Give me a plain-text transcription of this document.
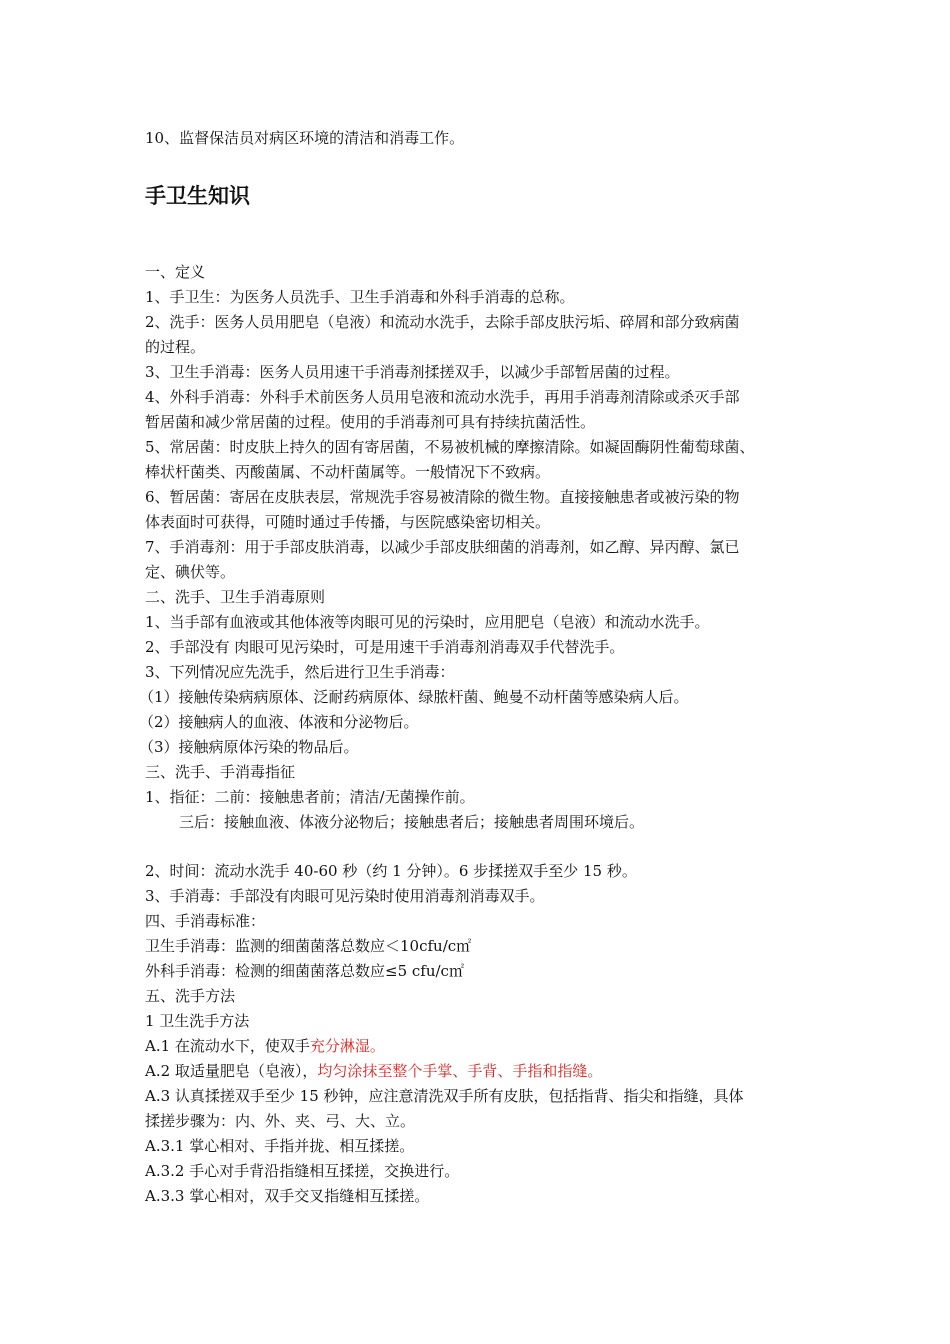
10、监督保洁员对病区环境的清洁和消毒工作。
手卫生知识
一、定义
1、手卫生：为医务人员洗手、卫生手消毒和外科手消毒的总称。
2、洗手：医务人员用肥皂（皂液）和流动水洗手，去除手部皮肤污垢、碎屑和部分致病菌
的过程。
3、卫生手消毒：医务人员用速干手消毒剂揉搓双手，以减少手部暂居菌的过程。
4、外科手消毒：外科手术前医务人员用皂液和流动水洗手，再用手消毒剂清除或杀灭手部
暂居菌和减少常居菌的过程。使用的手消毒剂可具有持续抗菌活性。
5、常居菌：时皮肤上持久的固有寄居菌，不易被机械的摩擦清除。如凝固酶阴性葡萄球菌、
棒状杆菌类、丙酸菌属、不动杆菌属等。一般情况下不致病。
6、暂居菌：寄居在皮肤表层，常规洗手容易被清除的微生物。直接接触患者或被污染的物
体表面时可获得，可随时通过手传播，与医院感染密切相关。
7、手消毒剂：用于手部皮肤消毒，以减少手部皮肤细菌的消毒剂，如乙醇、异丙醇、氯已
定、碘伏等。
二、洗手、卫生手消毒原则
1、当手部有血液或其他体液等肉眼可见的污染时，应用肥皂（皂液）和流动水洗手。
2、手部没有 肉眼可见污染时，可是用速干手消毒剂消毒双手代替洗手。
3、下列情况应先洗手，然后进行卫生手消毒：
（1）接触传染病病原体、泛耐药病原体、绿脓杆菌、鲍曼不动杆菌等感染病人后。
（2）接触病人的血液、体液和分泌物后。
（3）接触病原体污染的物品后。
三、洗手、手消毒指征
1、指征：二前：接触患者前；清洁/无菌操作前。
三后：接触血液、体液分泌物后；接触患者后；接触患者周围环境后。
2、时间：流动水洗手 40-60 秒（约 1 分钟）。6 步揉搓双手至少 15 秒。
3、手消毒：手部没有肉眼可见污染时使用消毒剂消毒双手。
四、手消毒标准：
卫生手消毒：监测的细菌菌落总数应＜10cfu/c㎡
外科手消毒：检测的细菌菌落总数应≤5 cfu/c㎡
五、洗手方法
1 卫生洗手方法
A.1 在流动水下，使双手充分淋湿。
A.2 取适量肥皂（皂液），均匀涂抹至整个手掌、手背、手指和指缝。
A.3 认真揉搓双手至少 15 秒钟，应注意清洗双手所有皮肤，包括指背、指尖和指缝，具体
揉搓步骤为：内、外、夹、弓、大、立。
A.3.1 掌心相对、手指并拢、相互揉搓。
A.3.2 手心对手背沿指缝相互揉搓，交换进行。
A.3.3 掌心相对，双手交叉指缝相互揉搓。
